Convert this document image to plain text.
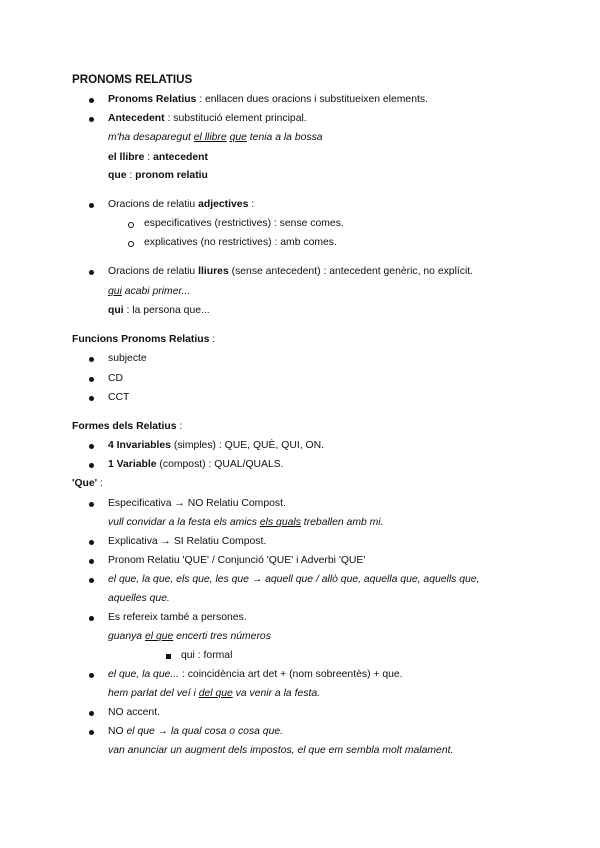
PRONOMS RELATIUS
Pronoms Relatius : enllacen dues oracions i substitueixen elements.
Antecedent : substitució element principal.
m'ha desaparegut el llibre que tenia a la bossa
el llibre : antecedent
que : pronom relatiu
Oracions de relatiu adjectives :
especificatives (restrictives) : sense comes.
explicatives (no restrictives) : amb comes.
Oracions de relatiu lliures (sense antecedent) : antecedent genèric, no explícit.
qui acabi primer...
qui : la persona que...
Funcions Pronoms Relatius :
subjecte
CD
CCT
Formes dels Relatius :
4 Invariables (simples) : QUE, QUÈ, QUI, ON.
1 Variable (compost) : QUAL/QUALS.
'Que' :
Especificativa → NO Relatiu Compost.
vull convidar a la festa els amics els quals treballen amb mi.
Explicativa → SI Relatiu Compost.
Pronom Relatiu 'QUE' / Conjunció 'QUE' i Adverbi 'QUE'
el que, la que, els que, les que → aquell que / allò que, aquella que, aquells que,
aquelles que.
Es refereix també a persones.
guanya el que encerti tres números
qui : formal
el que, la que... : coincidència art det + (nom sobreentès) + que.
hem parlat del veí i del que va venir a la festa.
NO accent.
NO el que → la qual cosa o cosa que.
van anunciar un augment dels impostos, el que em sembla molt malament.
